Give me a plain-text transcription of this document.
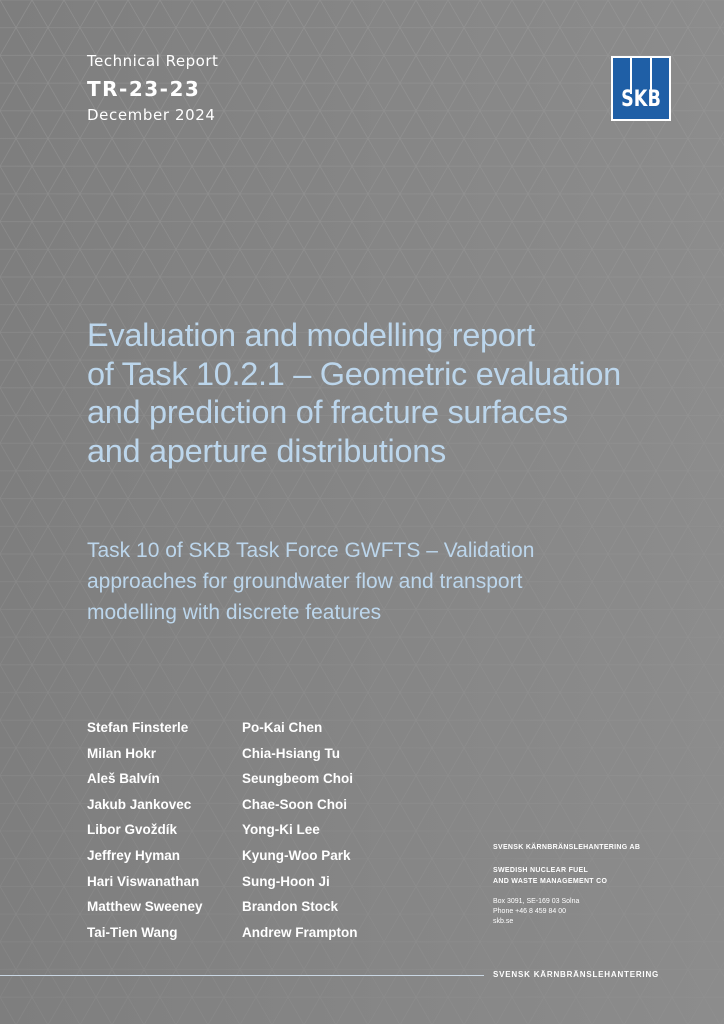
Technical Report
TR-23-23
December 2024
SKB
Evaluation and modelling report
of Task 10.2.1 – Geometric evaluation
and prediction of fracture surfaces
and aperture distributions
Task 10 of SKB Task Force GWFTS – Validation
approaches for groundwater flow and transport
modelling with discrete features
Stefan Finsterle
Milan Hokr
Aleš Balvín
Jakub Jankovec
Libor Gvoždík
Jeffrey Hyman
Hari Viswanathan
Matthew Sweeney
Tai-Tien Wang
Po-Kai Chen
Chia-Hsiang Tu
Seungbeom Choi
Chae-Soon Choi
Yong-Ki Lee
Kyung-Woo Park
Sung-Hoon Ji
Brandon Stock
Andrew Frampton
SVENSK KÄRNBRÄNSLEHANTERING AB
SWEDISH NUCLEAR FUEL
AND WASTE MANAGEMENT CO
Box 3091, SE-169 03 Solna
Phone +46 8 459 84 00
skb.se
SVENSK KÄRNBRÄNSLEHANTERING
